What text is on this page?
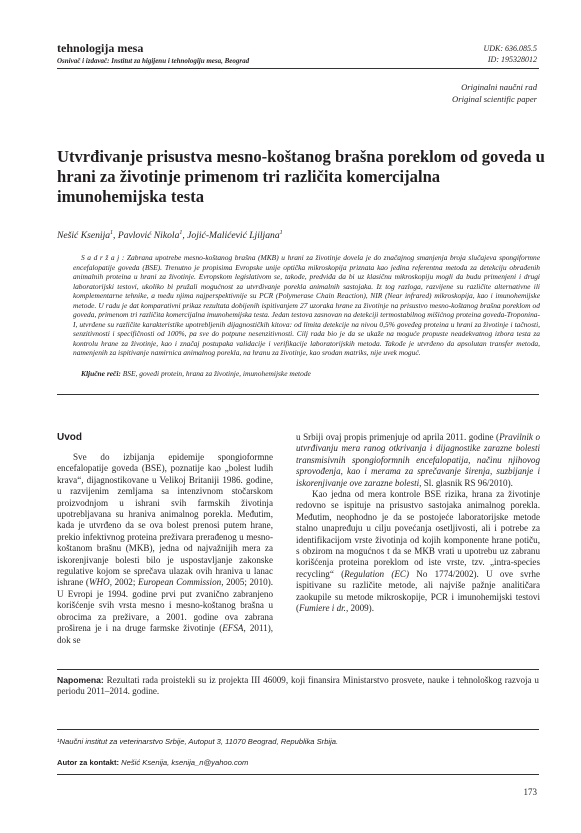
tehnologija mesa
Osnivač i izdavač: Institut za higijenu i tehnologiju mesa, Beograd
UDK: 636.085.5
ID: 195328012
Originalni naučni rad
Original scientific paper
Utvrđivanje prisustva mesno-koštanog brašna poreklom od goveda u hrani za životinje primenom tri različita komercijalna imunohemijska testa
Nešić Ksenija$^1$, Pavlović Nikola$^1$, Jojić-Malićević Ljiljana$^1$
S a d r ž a j : Zabrana upotrebe mesno-koštanog brašna (MKB) u hrani za životinje dovela je do značajnog smanjenja broja slučajeva spongiformne encefalopatije goveda (BSE). Trenutno je propisima Evropske unije optička mikroskopija priznata kao jedina referentna metoda za detekciju obrađenih animalnih proteina u hrani za životinje. Evropskom legislativom se, takođe, predviđa da bi uz klasičnu mikroskopiju mogli da budu primenjeni i drugi laboratorijski testovi, ukoliko bi pružali mogućnost za utvrđivanje porekla animalnih sastojaka. Iz tog razloga, razvijene su različite alternativne ili komplementarne tehnike, a među njima najperspektivnije su PCR (Polymerase Chain Reaction), NIR (Near infrared) mikroskopija, kao i imunohemijske metode. U radu je dat komparativni prikaz rezultata dobijenih ispitivanjem 27 uzoraka hrane za životinje na prisustvo mesno-koštanog brašna poreklom od goveda, primenom tri različita komercijalna imunohemijska testa. Jedan testova zasnovan na detekciji termostabilnog mišićnog proteina goveda-Troponina-I, utvrđene su različite karakteristike upotrebljenih dijagnostičkih kitova: od limita detekcije na nivou 0,5% goveđeg proteina u hrani za životinje i tačnosti, senzitivnosti i specifičnosti od 100%, pa sve do potpune nesenzitivnosti. Cilj rada bio je da se ukaže na moguće propuste neadekvatnog izbora testa za kontrolu hrane za životinje, kao i značaj postupaka validacije i verifikacije laboratorijskih metoda. Takođe je utvrđeno da apsolutan transfer metoda, namenjenih za ispitivanje namirnica animalnog porekla, na hranu za životinje, kao srodan matriks, nije uvek moguć.
Ključne reči: BSE, goveđi protein, hrana za životinje, imunohemijske metode
Uvod

Sve do izbijanja epidemije spongioformne encefalopatije goveda (BSE), poznatije kao „bolest ludih krava“, dijagnostikovane u Velikoj Britaniji 1986. godine, u razvijenim zemljama sa intenzivnom stočarskom proizvodnjom u ishrani svih farmskih životinja upotrebljavana su hraniva animalnog porekla. Međutim, kada je utvrđeno da se ova bolest prenosi putem hrane, prekio infektivnog proteina preživara prerađenog u mesno-koštanom brašnu (MKB), jedna od najvažnijih mera za iskorenjivanje bolesti bilo je uspostavljanje zakonske regulative kojom se sprečava ulazak ovih hraniva u lanac ishrane (WHO, 2002; European Commission, 2005; 2010). U Evropi je 1994. godine prvi put zvanično zabranjeno korišćenje svih vrsta mesno i mesno-koštanog brašna u obrocima za preživare, a 2001. godine ova zabrana proširena je i na druge farmske životinje (EFSA, 2011), dok se

u Srbiji ovaj propis primenjuje od aprila 2011. godine (Pravilnik o utvrđivanju mera ranog otkrivanja i dijagnostike zarazne bolesti transmisivnih spongioformnih encefalopatija, načinu njihovog sprovođenja, kao i merama za sprečavanje širenja, suzbijanje i iskorenjivanje ove zarazne bolesti, Sl. glasnik RS 96/2010).

Kao jedna od mera kontrole BSE rizika, hrana za životinje redovno se ispituje na prisustvo sastojaka animalnog porekla. Međutim, neophodno je da se postojeće laboratorijske metode stalno unapređuju u cilju povećanja osetljivosti, ali i potrebe za identifikacijom vrste životinja od kojih komponente hrane potiču, s obzirom na mogućnos t da se MKB vrati u upotrebu uz zabranu korišćenja proteina poreklom od iste vrste, tzv. „intra-species recycling“ (Regulation (EC) No 1774/2002). U ove svrhe ispitivane su različite metode, ali najviše pažnje analitičara zaokupile su metode mikroskopije, PCR i imunohemijski testovi (Fumiere i dr., 2009).

Napomena: Rezultati rada proistekli su iz projekta III 46009, koji finansira Ministarstvo prosvete, nauke i tehnološkog razvoja u periodu 2011–2014. godine.
¹Naučni institut za veterinarstvo Srbije, Autoput 3, 11070 Beograd, Republika Srbija.
Autor za kontakt: Nešić Ksenija, ksenija_n@yahoo.com
173
